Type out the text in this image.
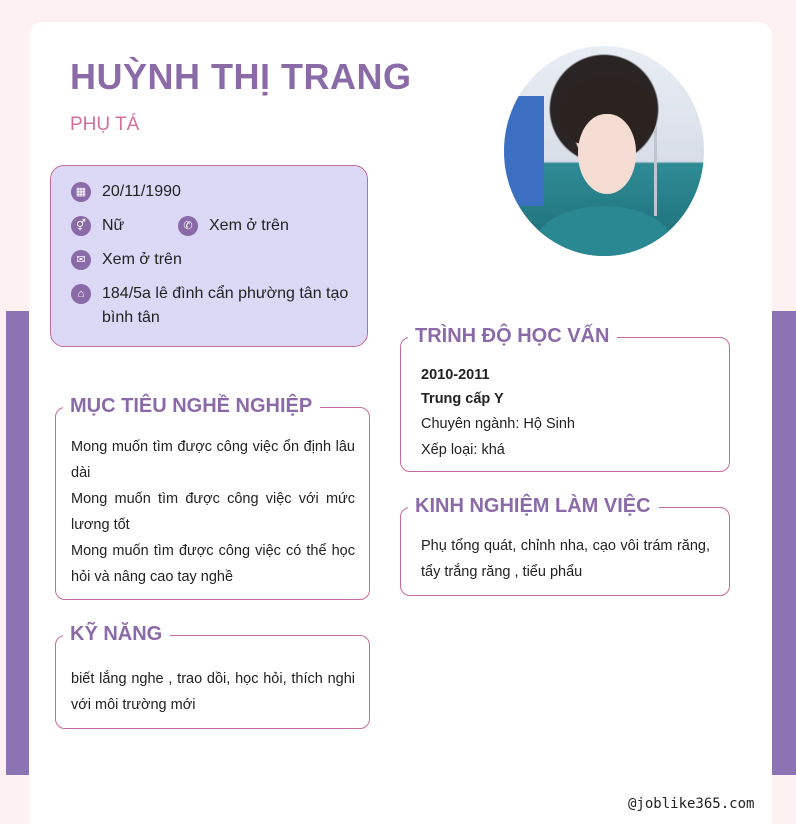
HUỲNH THỊ TRANG
PHỤ TÁ
▦ 20/11/1990
⚥	Nữ	✆	Xem ở trên
✉	Xem ở trên
⌂	184/5a lê đình cẩn phường tân tạo
bình tân
Mong muốn tìm được công việc ổn định lâu dài
Mong muốn tìm được công việc với mức lương tốt
Mong muốn tìm được công việc có thể học hỏi và nâng cao tay nghề
MỤC TIÊU NGHỀ NGHIỆP
biết lắng nghe , trao dồi, học hỏi, thích nghi với môi trường mới
KỸ NĂNG
2010-2011
Trung cấp Y
Chuyên ngành: Hộ Sinh
Xếp loại: khá
TRÌNH ĐỘ HỌC VẤN
Phụ tổng quát, chỉnh nha, cạo vôi trám răng, tẩy trắng răng , tiểu phẩu
KINH NGHIỆM LÀM VIỆC
@joblike365.com
